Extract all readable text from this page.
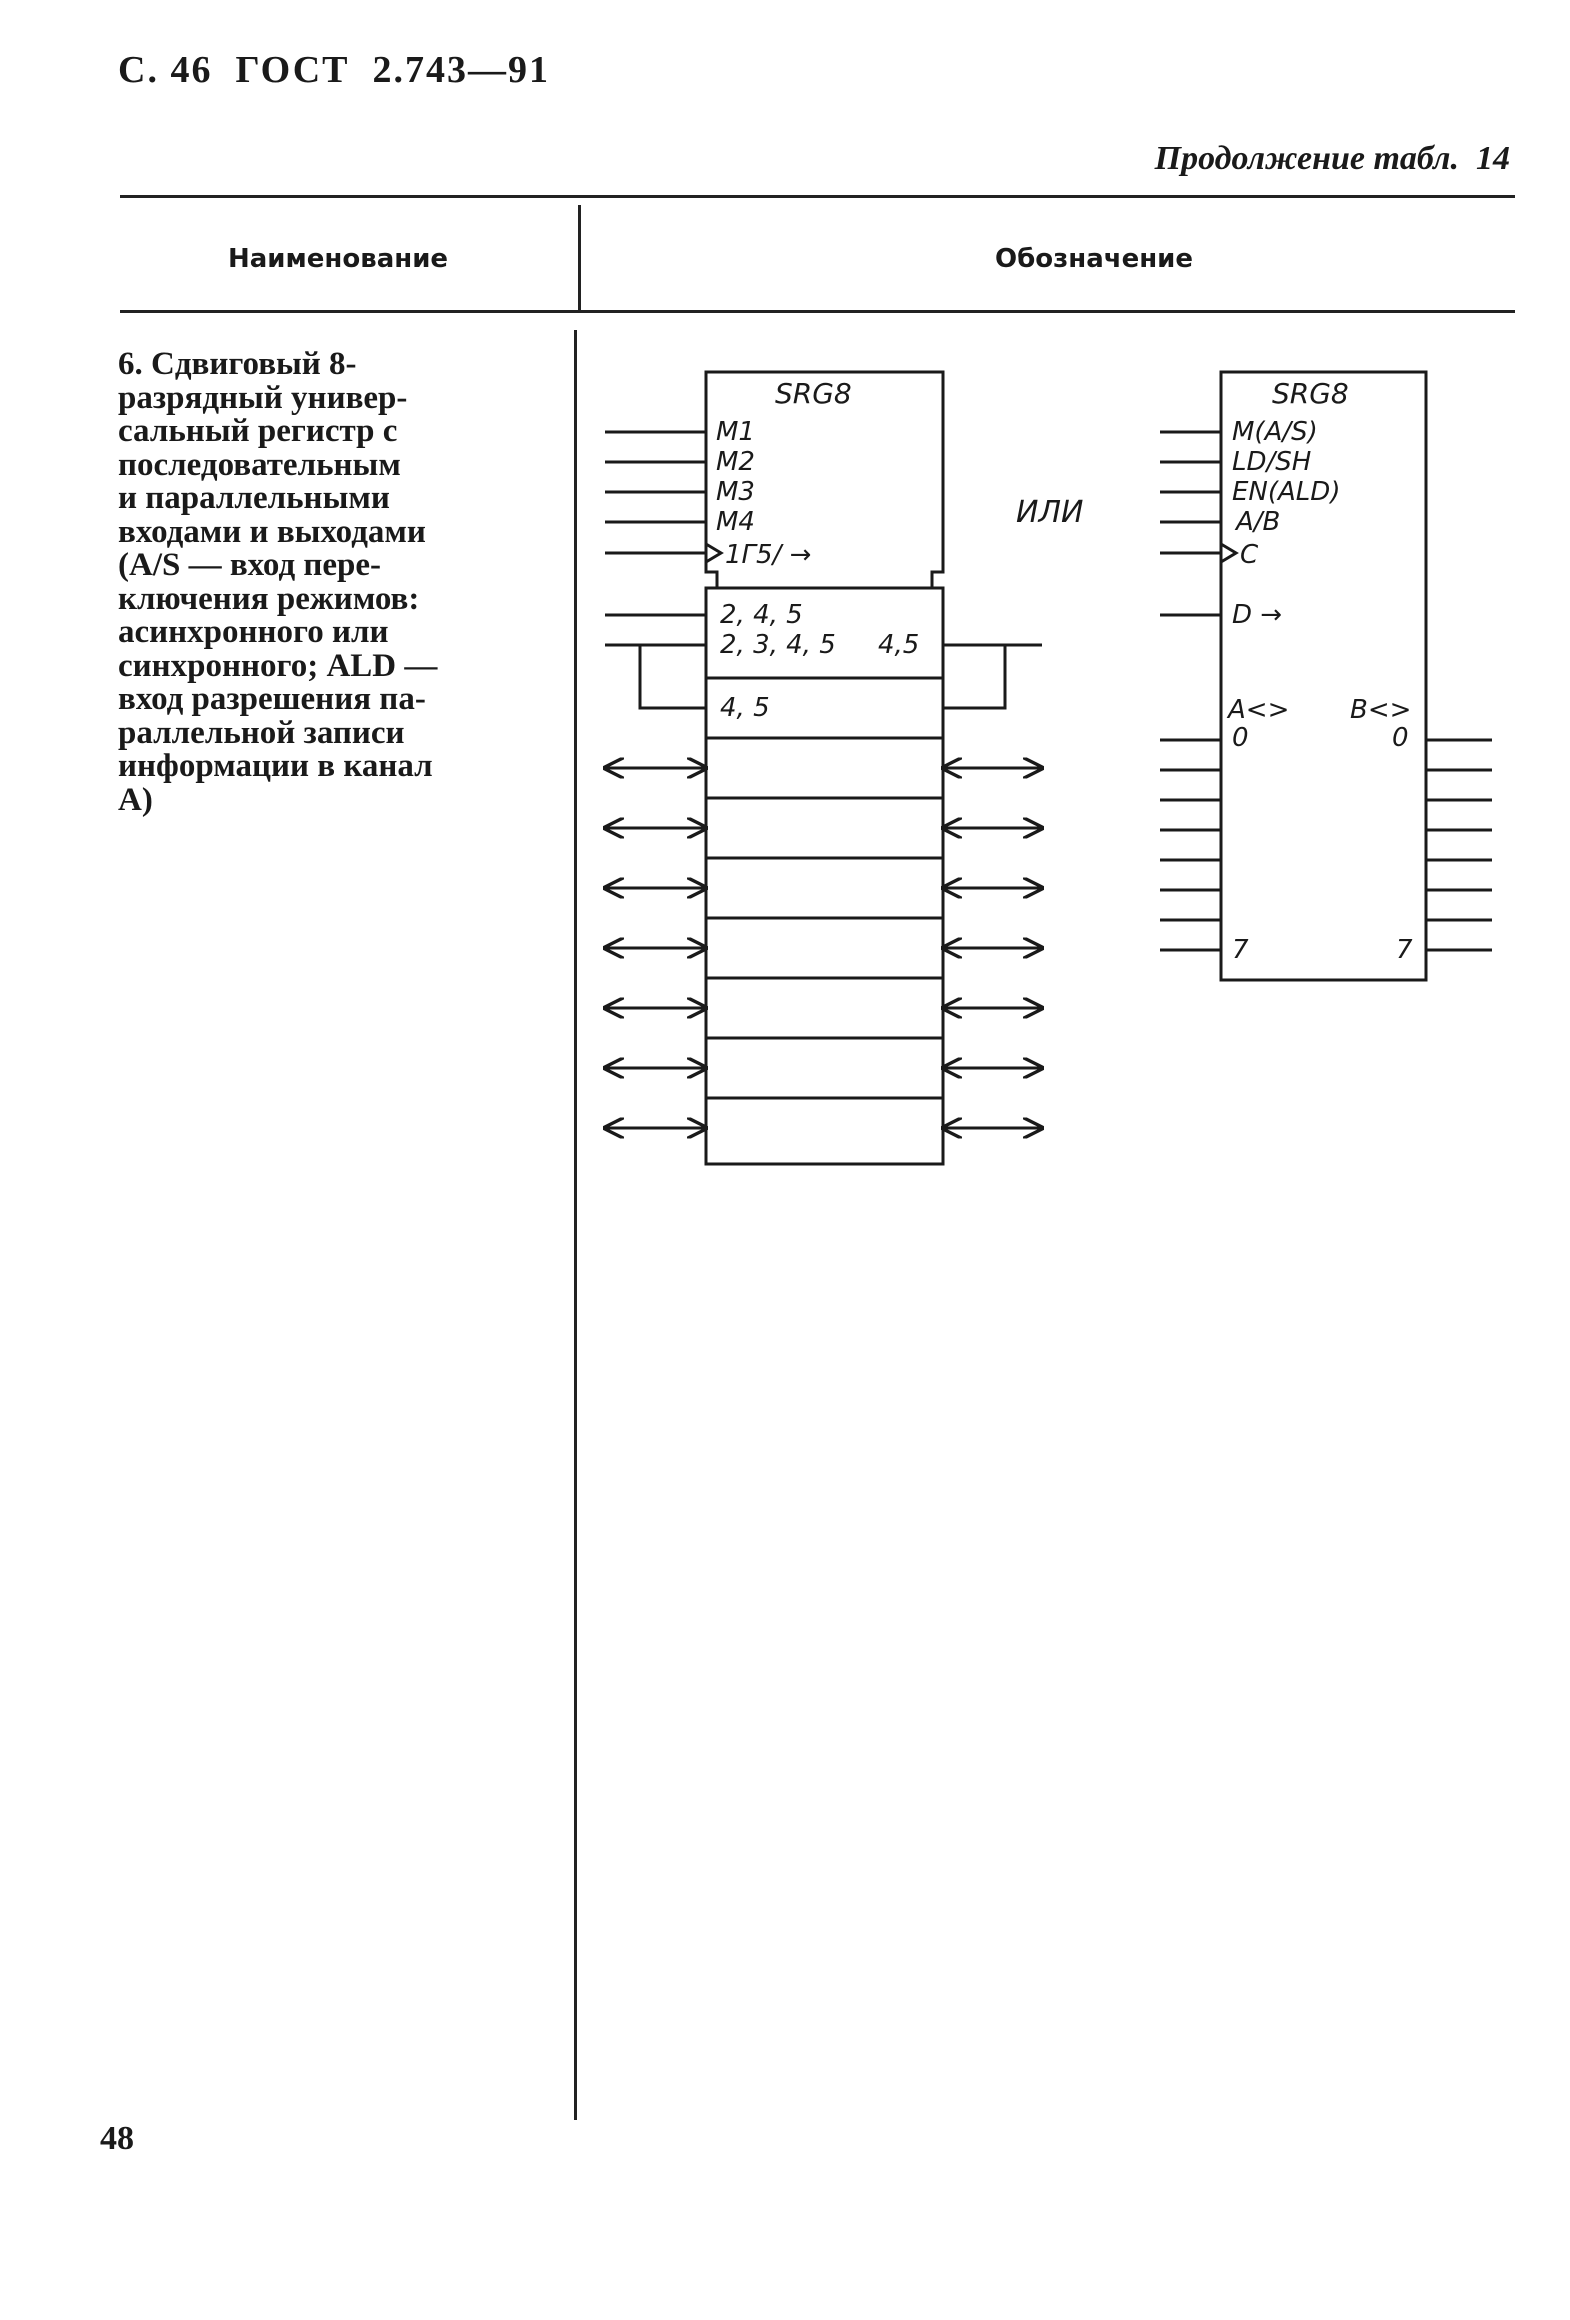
С. 46  ГОСТ  2.743—91
Продолжение табл.  14
Наименование	Обозначение
6. Сдвиговый 8-
разрядный универ-
сальный регистр с
последовательным
и параллельными
входами и выходами
(A/S — вход пере-
ключения режимов:
асинхронного или
синхронного; ALD —
вход разрешения па-
раллельной записи
информации в канал
A)
SRG8
M1
M2
M3
M4
1Г5/ →
2, 4, 5
2, 3, 4, 5
4, 5
4,5
ИЛИ
SRG8
M(A/S)
LD/SH
EN(ALD)
A/B
C
D →
A<> B<>
0	0
7	7
48
